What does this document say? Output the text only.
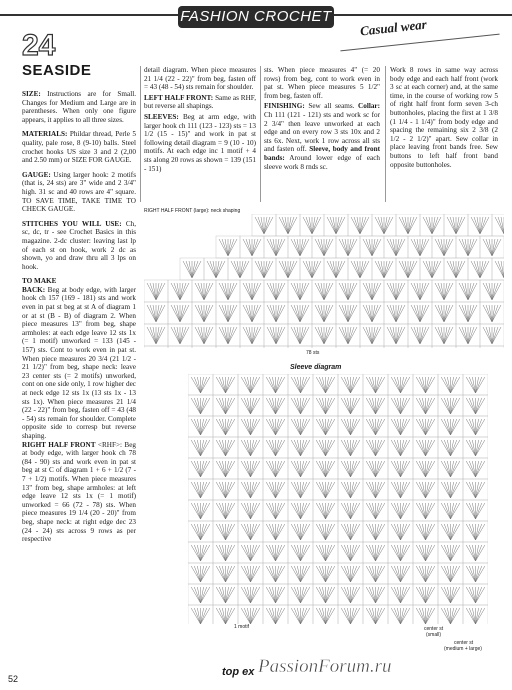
FASHION CROCHET
Casual wear
24
SEASIDE

SIZE: Instructions are for Small. Changes for Medium and Large are in parentheses. When only one figure appears, it applies to all three sizes.

MATERIALS: Phildar thread, Perle 5 quality, pale rose, 8 (9-10) balls. Steel crochet hooks US size 3 and 2 (2,00 and 2.50 mm) or SIZE FOR GAUGE.

GAUGE: Using larger hook: 2 motifs (that is, 24 sts) are 3" wide and 2 3/4" high. 31 sc and 40 rows are 4" square. TO SAVE TIME, TAKE TIME TO CHECK GAUGE.

STITCHES YOU WILL USE: Ch, sc, dc, tr - see Crochet Basics in this magazine. 2-dc cluster: leaving last lp of each st on hook, work 2 dc as shown, yo and draw thru all 3 lps on hook.

TO MAKE

BACK: Beg at body edge, with larger hook ch 157 (169 - 181) sts and work even in pat st beg at st A of diagram 1 or at st (B - B) of diagram 2. When piece measures 13" from beg, shape armholes: at each edge leave 12 sts 1x (= 1 motif) unworked = 133 (145 - 157) sts. Cont to work even in pat st. When piece measures 20 3/4 (21 1/2 - 21 1/2)" from beg, shape neck: leave 23 center sts (= 2 motifs) unworked, cont on one side only, 1 row higher dec at neck edge 12 sts 1x (13 sts 1x - 13 sts 1x). When piece measures 21 1/4 (22 - 22)" from beg, fasten off = 43 (48 - 54) sts remain for shoulder. Complete opposite side to corresp but reverse shaping.

RIGHT HALF FRONT <RHF>: Beg at body edge, with larger hook ch 78 (84 - 90) sts and work even in pat st beg at st C of diagram 1 + 6 + 1/2 (7 - 7 + 1/2) motifs. When piece measures 13" from beg, shape armholes: at left edge leave 12 sts 1x (= 1 motif) unworked = 66 (72 - 78) sts. When piece measures 19 1/4 (20 - 20)" from beg, shape neck: at right edge dec 23 (24 - 24) sts across 9 rows as per respective

detail diagram. When piece measures 21 1/4 (22 - 22)" from beg, fasten off = 43 (48 - 54) sts remain for shoulder.

LEFT HALF FRONT: Same as RHF, but reverse all shapings.

SLEEVES: Beg at arm edge, with larger hook ch 111 (123 - 123) sts = 13 1/2 (15 - 15)" and work in pat st following detail diagram = 9 (10 - 10) motifs. At each edge inc 1 motif + 4 sts along 20 rows as shown = 139 (151 - 151)

sts. When piece measures 4" (= 20 rows) from beg, cont to work even in pat st. When piece measures 5 1/2" from beg, fasten off.

FINISHING: Sew all seams. Collar: Ch 111 (121 - 121) sts and work sc for 2 3/4" then leave unworked at each edge and on every row 3 sts 10x and 2 sts 6x. Next, work 1 row across all sts and fasten off. Sleeve, body and front bands: Around lower edge of each sleeve work 8 rnds sc.

Work 8 rows in same way across body edge and each half front (work 3 sc at each corner) and, at the same time, in the course of working row 5 of right half front form seven 3-ch buttonholes, placing the first at 1 3/8 (1 1/4 - 1 1/4)" from body edge and spacing the remaining six 2 3/8 (2 1/2 - 2 1/2)" apart. Sew collar in place leaving front bands free. Sew buttons to left half front band opposite buttonholes.

RIGHT HALF FRONT (large): neck shaping
78 sts
Sleeve diagram
1 motif	center st
(small)
center st
(medium + large)
52
top ex PassionForum.ru
